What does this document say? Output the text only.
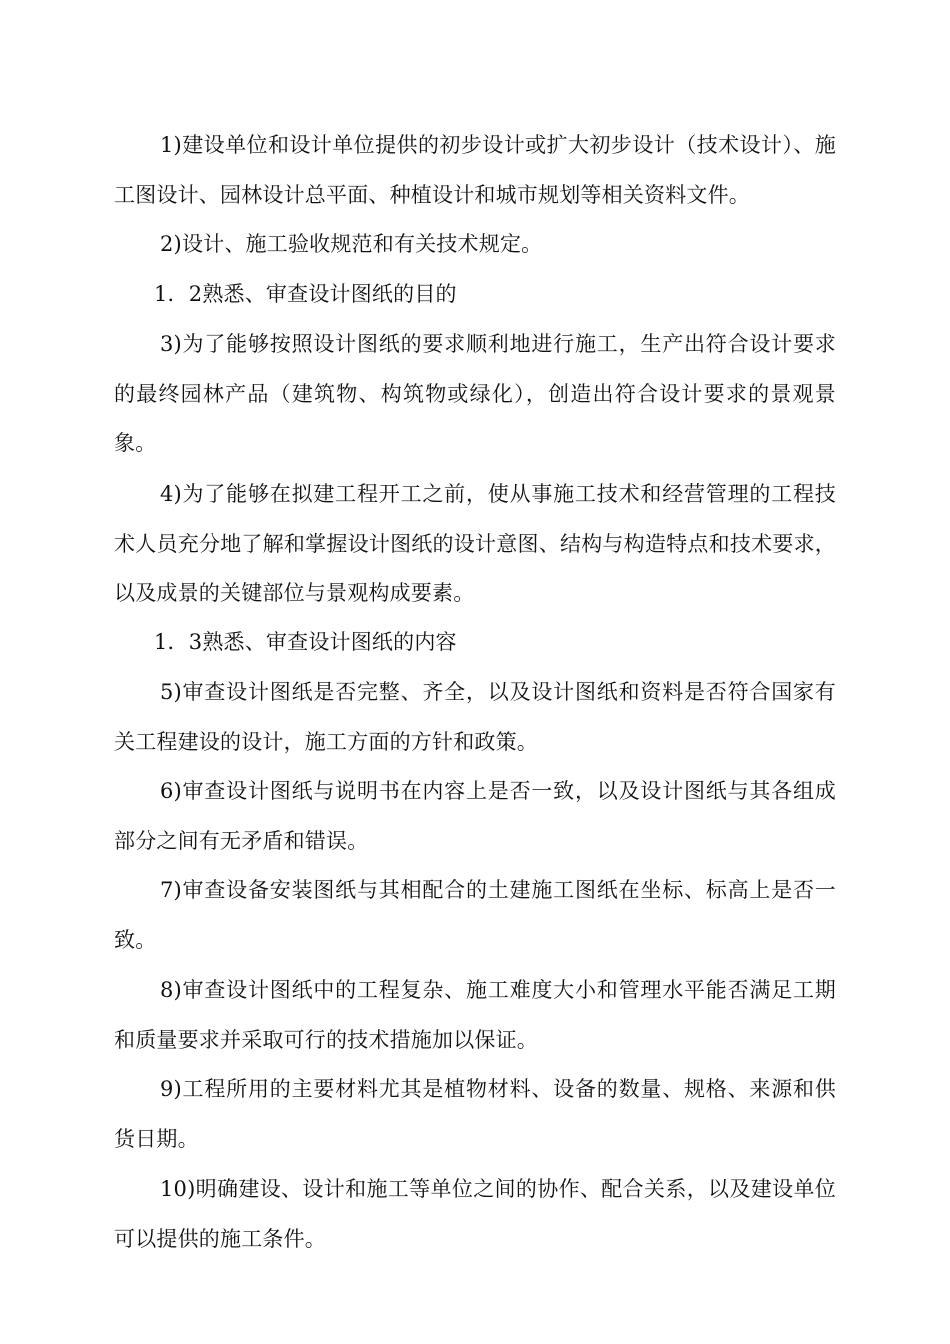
1)建设单位和设计单位提供的初步设计或扩大初步设计（技术设计）、施工图设计、园林设计总平面、种植设计和城市规划等相关资料文件。

2)设计、施工验收规范和有关技术规定。

1．2熟悉、审查设计图纸的目的

3)为了能够按照设计图纸的要求顺利地进行施工，生产出符合设计要求的最终园林产品（建筑物、构筑物或绿化），创造出符合设计要求的景观景象。

4)为了能够在拟建工程开工之前，使从事施工技术和经营管理的工程技术人员充分地了解和掌握设计图纸的设计意图、结构与构造特点和技术要求，以及成景的关键部位与景观构成要素。

1．3熟悉、审查设计图纸的内容

5)审查设计图纸是否完整、齐全，以及设计图纸和资料是否符合国家有关工程建设的设计，施工方面的方针和政策。

6)审查设计图纸与说明书在内容上是否一致，以及设计图纸与其各组成部分之间有无矛盾和错误。

7)审查设备安装图纸与其相配合的土建施工图纸在坐标、标高上是否一致。

8)审查设计图纸中的工程复杂、施工难度大小和管理水平能否满足工期和质量要求并采取可行的技术措施加以保证。

9)工程所用的主要材料尤其是植物材料、设备的数量、规格、来源和供货日期。

10)明确建设、设计和施工等单位之间的协作、配合关系，以及建设单位可以提供的施工条件。
